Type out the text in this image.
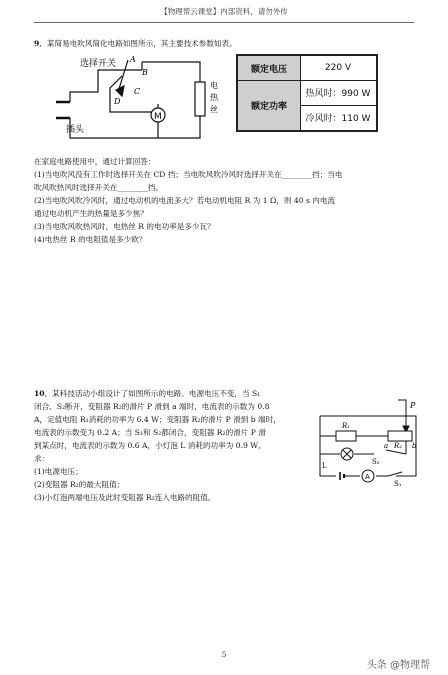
【物理帮云课堂】内部资料，请勿外传
9．某简易电吹风简化电路如图所示，其主要技术参数如表。
M
选择开关 A
B
C
D
插头
电
热
丝
额定电压	220 V
额定功率
热风时：990 W
冷风时：110 W
在家庭电路使用中，通过计算回答：
(1)当电吹风没有工作时选择开关在 CD 挡；当电吹风吹冷风时选择开关在________挡；当电
吹风吹热风时选择开关在________挡。
(2)当电吹风吹冷风时，通过电动机的电流多大？若电动机电阻 R 为 1 Ω，则 40 s 内电流
通过电动机产生的热量是多少焦？
(3)当电吹风吹热风时，电热丝 R 的电功率是多少瓦？
(4)电热丝 R 的电阻值是多少欧？
10．某科技活动小组设计了如图所示的电路。电源电压不变，当 S₁
闭合、S₂断开，变阻器 R₂的滑片 P 滑到 a 端时，电流表的示数为 0.8
A，定值电阻 R₁消耗的功率为 6.4 W；变阻器 R₂的滑片 P 滑到 b 端时，
电流表的示数变为 0.2 A；当 S₁和 S₂都闭合，变阻器 R₂的滑片 P 滑
到某点时，电流表的示数为 0.6 A，小灯泡 L 消耗的功率为 0.9 W。
求：
(1)电源电压；
(2)变阻器 R₂的最大阻值；
(3)小灯泡两端电压及此时变阻器 R₂连入电路的阻值。
A
R₁
R₂
a	b
P
L	S₂
S₁
5
头条 @物理帮
